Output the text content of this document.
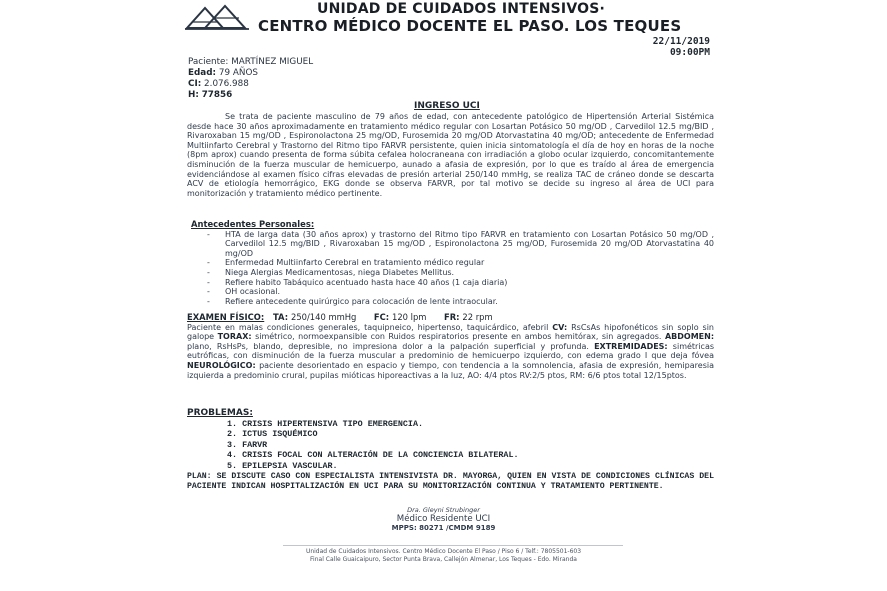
UNIDAD DE CUIDADOS INTENSIVOS·
CENTRO MÉDICO DOCENTE EL PASO. LOS TEQUES
22/11/2019
09:00PM
Paciente: MARTÍNEZ MIGUEL
Edad: 79 AÑOS
CI: 2.076.988
H: 77856
INGRESO UCI
Se trata de paciente masculino de 79 años de edad, con antecedente patológico de Hipertensión Arterial Sistémica desde hace 30 años aproximadamente en tratamiento médico regular con Losartan Potásico 50 mg/OD , Carvedilol 12.5 mg/BID , Rivaroxaban 15 mg/OD , Espironolactona 25 mg/OD, Furosemida 20 mg/OD Atorvastatina 40 mg/OD; antecedente de Enfermedad Multiinfarto Cerebral y Trastorno del Ritmo tipo FARVR persistente, quien inicia sintomatología el día de hoy en horas de la noche (8pm aprox) cuando presenta de forma súbita cefalea holocraneana con irradiación a globo ocular izquierdo, concomitantemente disminución de la fuerza muscular de hemicuerpo, aunado a afasia de expresión, por lo que es traído al área de emergencia evidenciándose al examen físico cifras elevadas de presión arterial 250/140 mmHg, se realiza TAC de cráneo donde se descarta ACV de etiología hemorrágico, EKG donde se observa FARVR, por tal motivo se decide su ingreso al área de UCI para monitorización y tratamiento médico pertinente.
Antecedentes Personales:
- HTA de larga data (30 años aprox) y trastorno del Ritmo tipo FARVR en tratamiento con Losartan Potásico 50 mg/OD , Carvedilol 12.5 mg/BID , Rivaroxaban 15 mg/OD , Espironolactona 25 mg/OD, Furosemida 20 mg/OD Atorvastatina 40 mg/OD
- Enfermedad Multiinfarto Cerebral en tratamiento médico regular
- Niega Alergias Medicamentosas, niega Diabetes Mellitus.
- Refiere habito Tabáquico acentuado hasta hace 40 años (1 caja diaria)
- OH ocasional.
- Refiere antecedente quirúrgico para colocación de lente intraocular.
EXAMEN FÍSICO: TA: 250/140 mmHg FC: 120 lpm FR: 22 rpm
Paciente en malas condiciones generales, taquipneico, hipertenso, taquicárdico, afebril CV: RsCsAs hipofonéticos sin soplo sin galope TORAX: simétrico, normoexpansible con Ruidos respiratorios presente en ambos hemitórax, sin agregados. ABDOMEN: plano, RsHsPs, blando, depresible, no impresiona dolor a la palpación superficial y profunda. EXTREMIDADES: simétricas eutróficas, con disminución de la fuerza muscular a predominio de hemicuerpo izquierdo, con edema grado I que deja fóvea NEUROLÓGICO: paciente desorientado en espacio y tiempo, con tendencia a la somnolencia, afasia de expresión, hemiparesia izquierda a predominio crural, pupilas mióticas hiporeactivas a la luz, AO: 4/4 ptos RV:2/5 ptos, RM: 6/6 ptos total 12/15ptos.
PROBLEMAS:
1. CRISIS HIPERTENSIVA TIPO EMERGENCIA.
2. ICTUS ISQUÉMICO
3. FARVR
4. CRISIS FOCAL CON ALTERACIÓN DE LA CONCIENCIA BILATERAL.
5. EPILEPSIA VASCULAR.
PLAN: SE DISCUTE CASO CON ESPECIALISTA INTENSIVISTA DR. MAYORGA, QUIEN EN VISTA DE CONDICIONES CLÍNICAS DEL PACIENTE INDICAN HOSPITALIZACIÓN EN UCI PARA SU MONITORIZACIÓN CONTINUA Y TRATAMIENTO PERTINENTE.
Dra. Gleyni Strubinger
Médico Residente UCI
MPPS: 80271 /CMDM 9189
Unidad de Cuidados Intensivos. Centro Médico Docente El Paso / Piso 6 / Telf.: 7805501-603
Final Calle Guaicaipuro, Sector Punta Brava, Callejón Almenar, Los Teques - Edo. Miranda
